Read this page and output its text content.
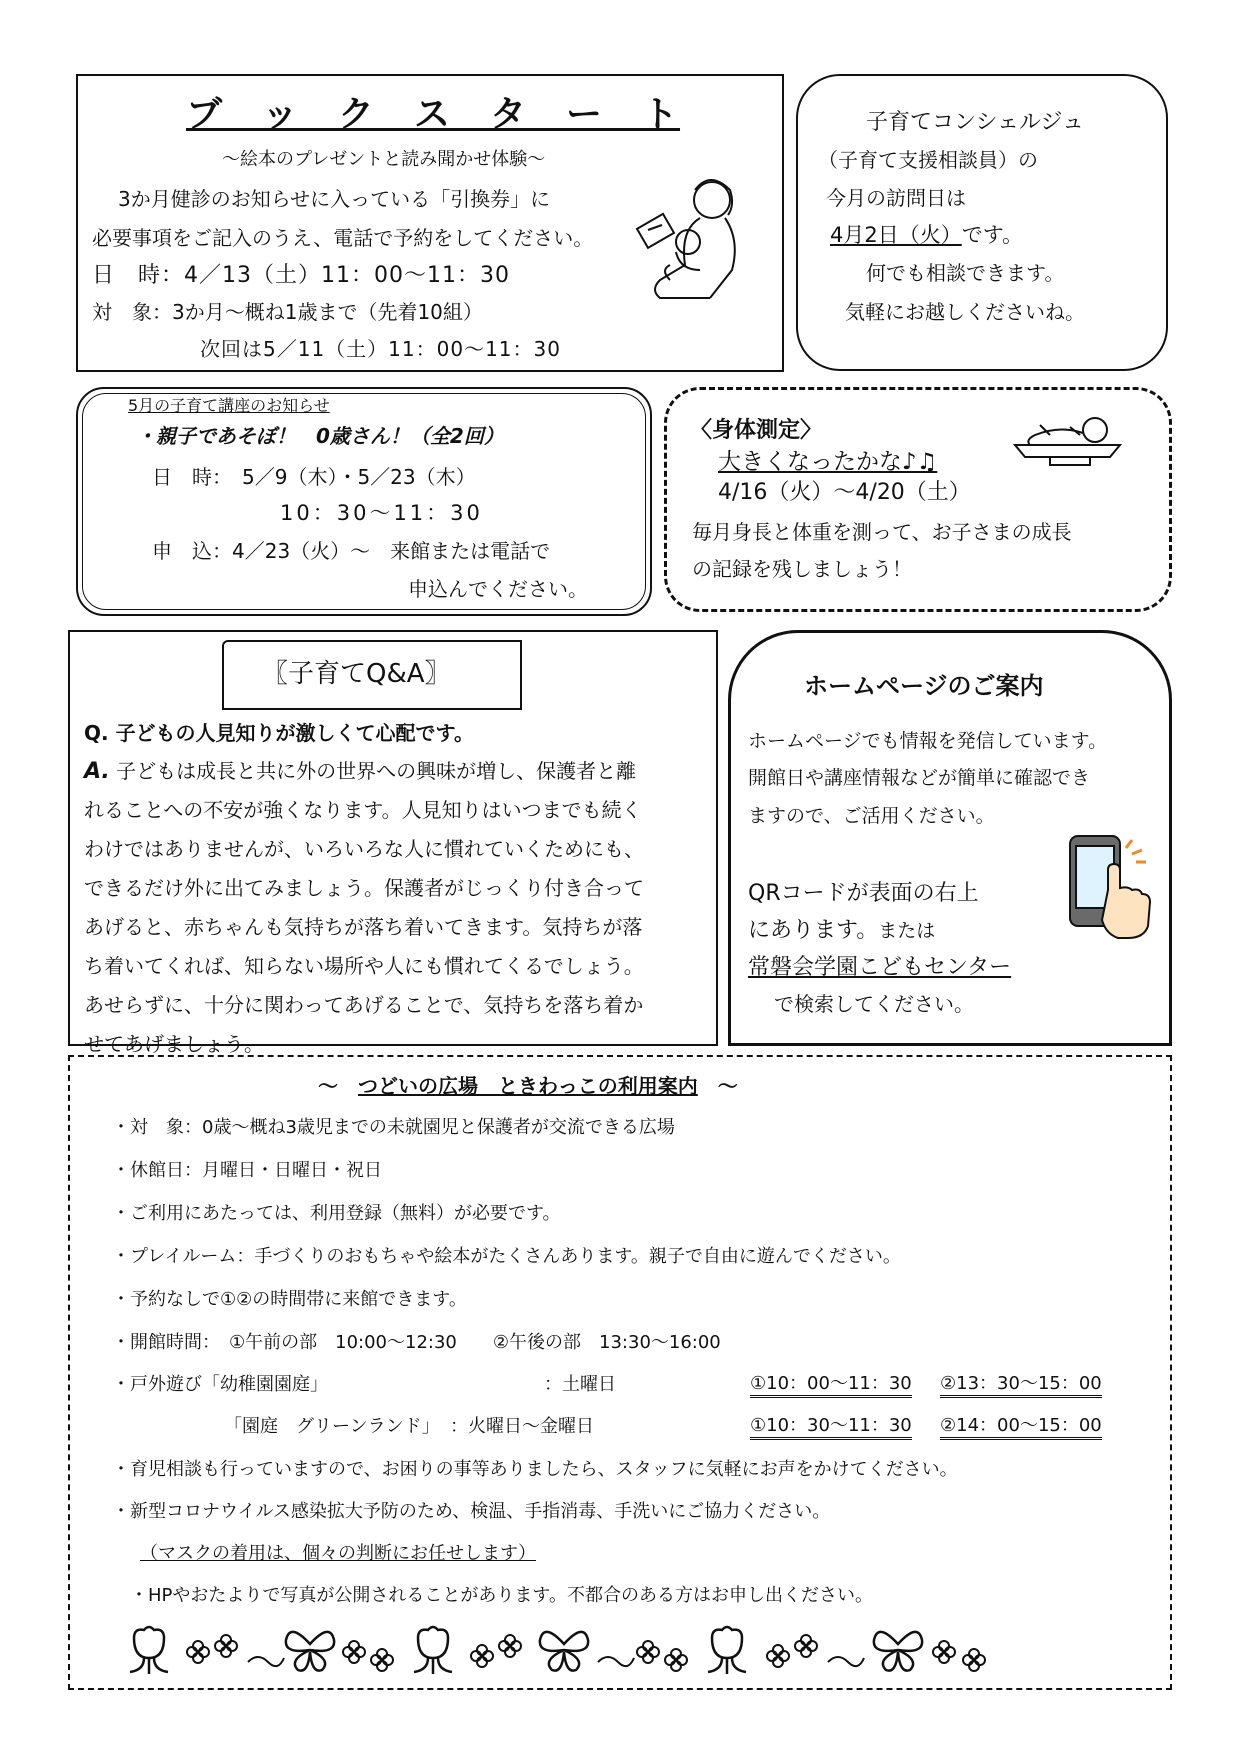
ブ　ッ　ク　ス　タ　ー　ト
～絵本のプレゼントと読み聞かせ体験～
3か月健診のお知らせに入っている「引換券」に
必要事項をご記入のうえ、電話で予約をしてください。
日　時：4／13（土）11：00～11：30
対　象：3か月～概ね1歳まで（先着10組）
次回は5／11（土）11：00～11：30
子育てコンシェルジュ
（子育て支援相談員）の
今月の訪問日は
4月2日（火）です。
何でも相談できます。
気軽にお越しくださいね。
5月の子育て講座のお知らせ
・親子であそぼ！　0歳さん！（全2回）
日　時：　5／9（木）・5／23（木）
10：30～11：30
申　込：4／23（火）～　来館または電話で
申込んでください。
〈身体測定〉
大きくなったかな♪♫
4/16（火）～4/20（土）
毎月身長と体重を測って、お子さまの成長
の記録を残しましょう！
〖子育てQ&A〗
Q. 子どもの人見知りが激しくて心配です。
A. 子どもは成長と共に外の世界への興味が増し、保護者と離
れることへの不安が強くなります。人見知りはいつまでも続く
わけではありませんが、いろいろな人に慣れていくためにも、
できるだけ外に出てみましょう。保護者がじっくり付き合って
あげると、赤ちゃんも気持ちが落ち着いてきます。気持ちが落
ち着いてくれば、知らない場所や人にも慣れてくるでしょう。
あせらずに、十分に関わってあげることで、気持ちを落ち着か
せてあげましょう。
ホームページのご案内
ホームページでも情報を発信しています。
開館日や講座情報などが簡単に確認でき
ますので、ご活用ください。
QRコードが表面の右上
にあります。または
常磐会学園こどもセンター
で検索してください。
～　つどいの広場　ときわっこの利用案内　～
・対　象：0歳～概ね3歳児までの未就園児と保護者が交流できる広場
・休館日：月曜日・日曜日・祝日
・ご利用にあたっては、利用登録（無料）が必要です。
・プレイルーム：手づくりのおもちゃや絵本がたくさんあります。親子で自由に遊んでください。
・予約なしで①②の時間帯に来館できます。
・開館時間：　①午前の部　10:00～12:30　　②午後の部　13:30～16:00
・戸外遊び「幼稚園園庭」	：土曜日	①10：00～11：30 ②13：30～15：00
「園庭　グリーンランド」 ：火曜日～金曜日	①10：30～11：30 ②14：00～15：00
・育児相談も行っていますので、お困りの事等ありましたら、スタッフに気軽にお声をかけてください。
・新型コロナウイルス感染拡大予防のため、検温、手指消毒、手洗いにご協力ください。
（マスクの着用は、個々の判断にお任せします）
・HPやおたよりで写真が公開されることがあります。不都合のある方はお申し出ください。
